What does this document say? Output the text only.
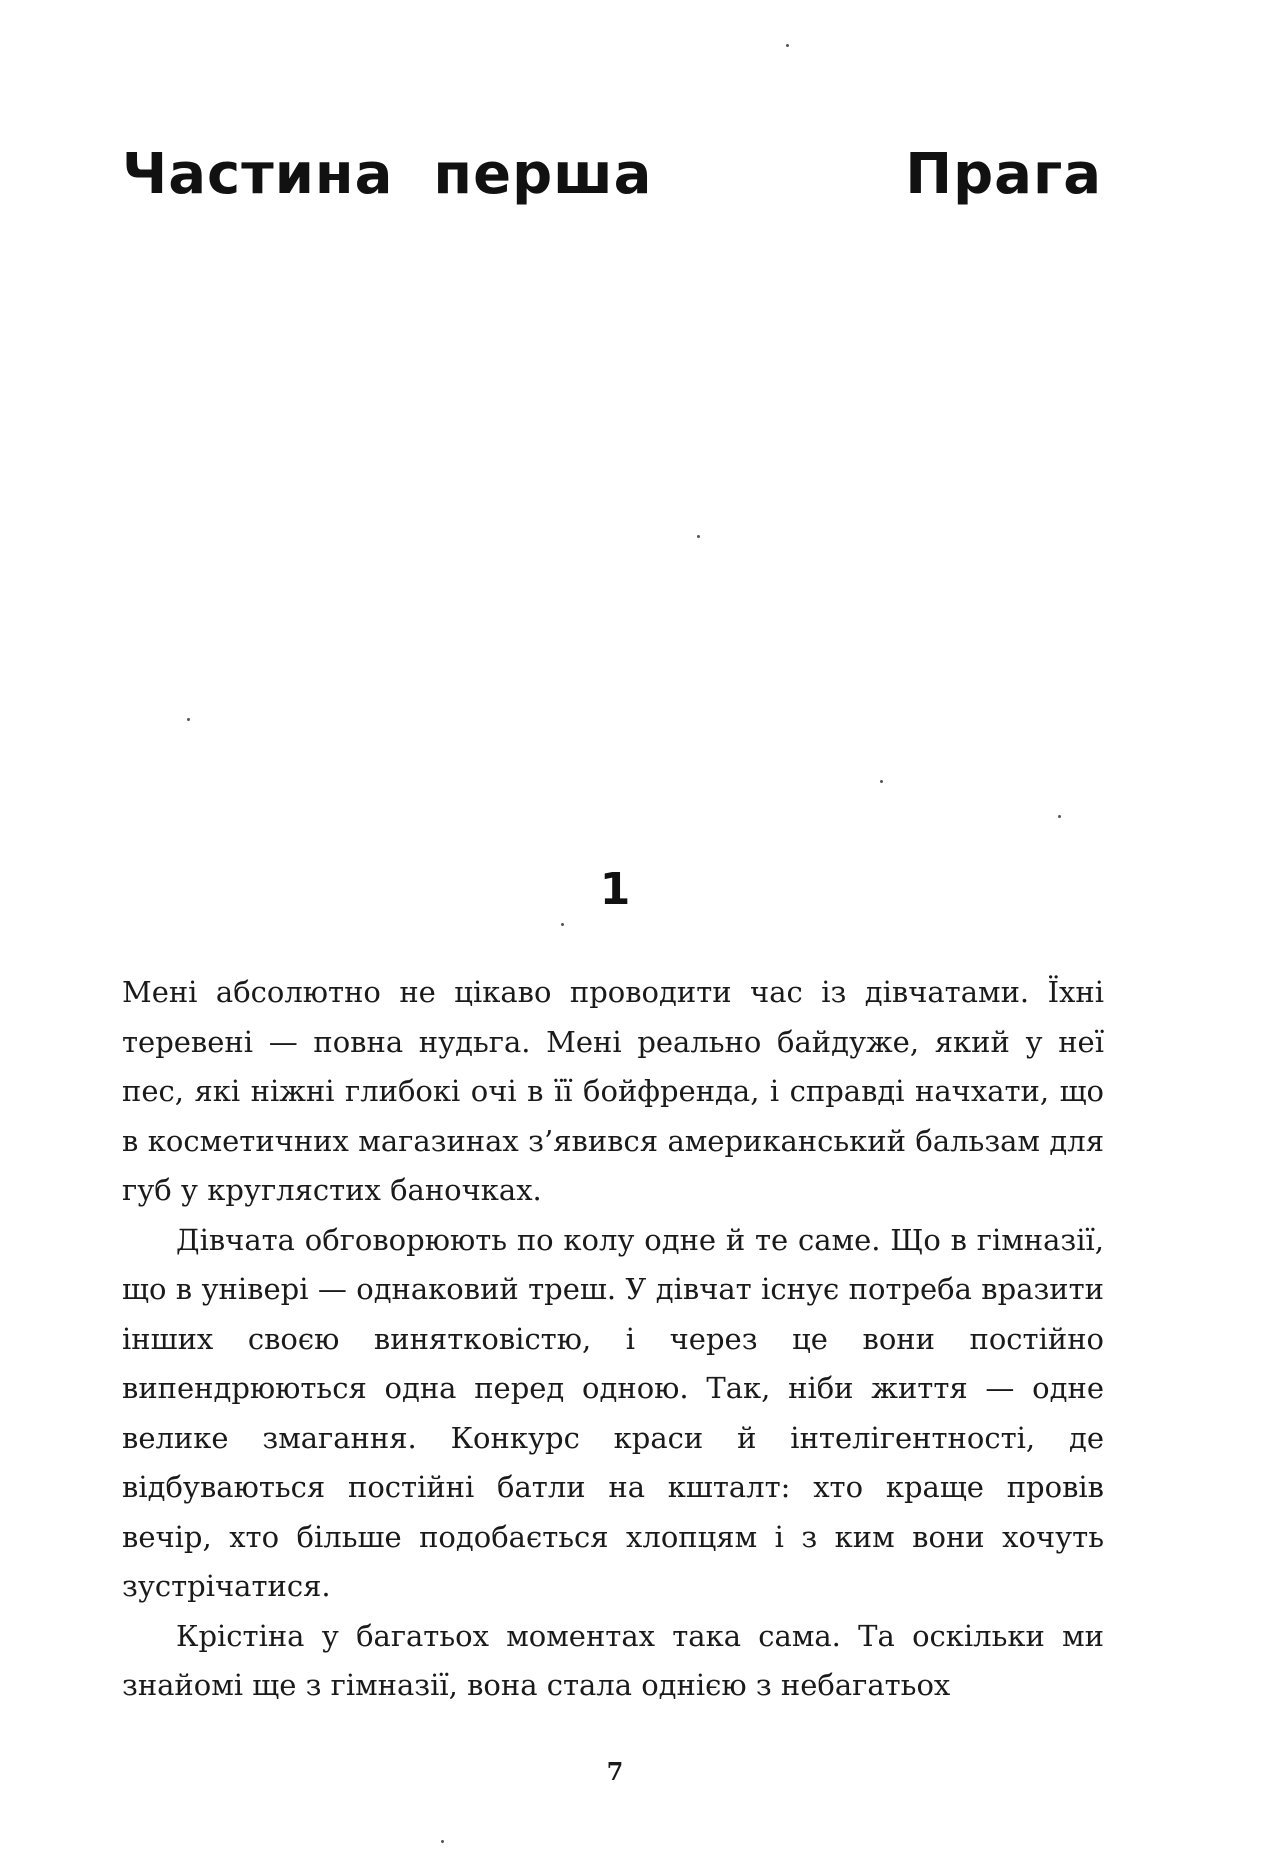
Частина перша	Прага
1

Мені абсолютно не цікаво проводити час із дівчатами. Їхні теревені — повна нудьга. Мені реально байдуже, який у неї пес, які ніжні глибокі очі в її бойфренда, і справді начхати, що в косметичних магазинах з’явився американський бальзам для губ у круглястих баночках.

Дівчата обговорюють по колу одне й те саме. Що в гімназії, що в універі — однаковий треш. У дівчат існує потреба вразити інших своєю винятковістю, і через це вони постійно випендрюються одна перед одною. Так, ніби життя — одне велике змагання. Конкурс краси й інтелігентності, де відбуваються постійні батли на кшталт: хто краще провів вечір, хто більше подобається хлопцям і з ким вони хочуть зустрічатися.

Крістіна у багатьох моментах така сама. Та оскільки ми знайомі ще з гімназії, вона стала однією з небагатьох

7
